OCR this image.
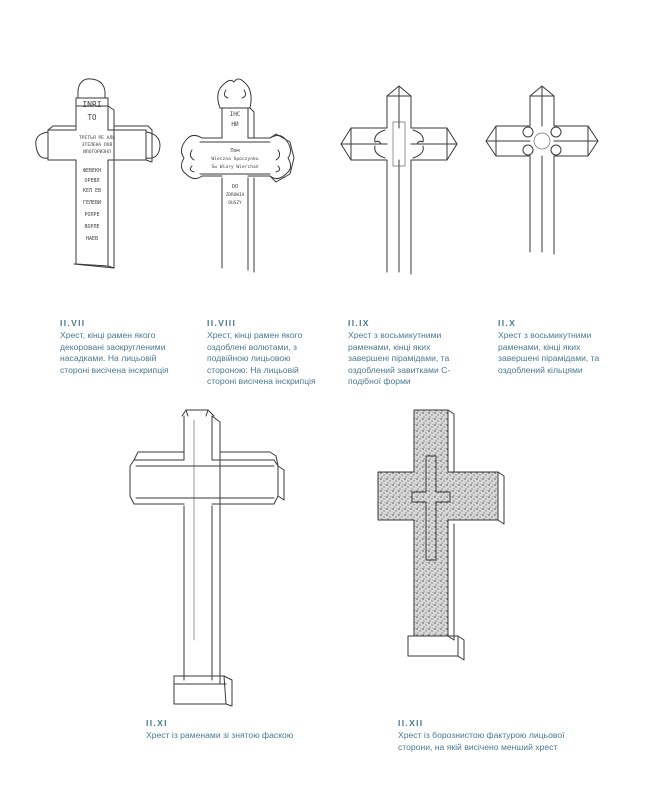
INRI
ТО
ТРЕТЬЯ РЕ АЛЬ
ЭТЕЛЕНА ЛОВ
ИЛОГОРИЗНЛ
ФЕВЕКН
ОРЕВЛ
КЕЛ ЕВ
ГЕЛЕВИ
РОЛРЕ
ВОРЛЕ
НАЕВ
II.VII
Хрест, кінці рамен якого декоровані заокругленими насадками. На лицьовій стороні висічена інскрипція
IHC
НИ
Пом
Wieczna Spoczynku
Św Wiary Wierchań
DO
ZDROWIA
DUSZY
II.VIII
Хрест, кінці рамен якого оздоблені волютами, з подвійною лицьовою стороною: На лицьовій стороні висічена інскрипція
II.IX
Хрест з восьмикутними раменами, кінці яких завершені пірамідами, та оздоблений завитками С-подібної форми
II.X
Хрест з восьмикутними раменами, кінці яких завершені пірамідами, та оздоблений кільцями
II.XI
Хрест із раменами зі знятою фаскою
II.XII
Хрест із борознистою фактурою лицьової сторони, на якій висічено менший хрест
